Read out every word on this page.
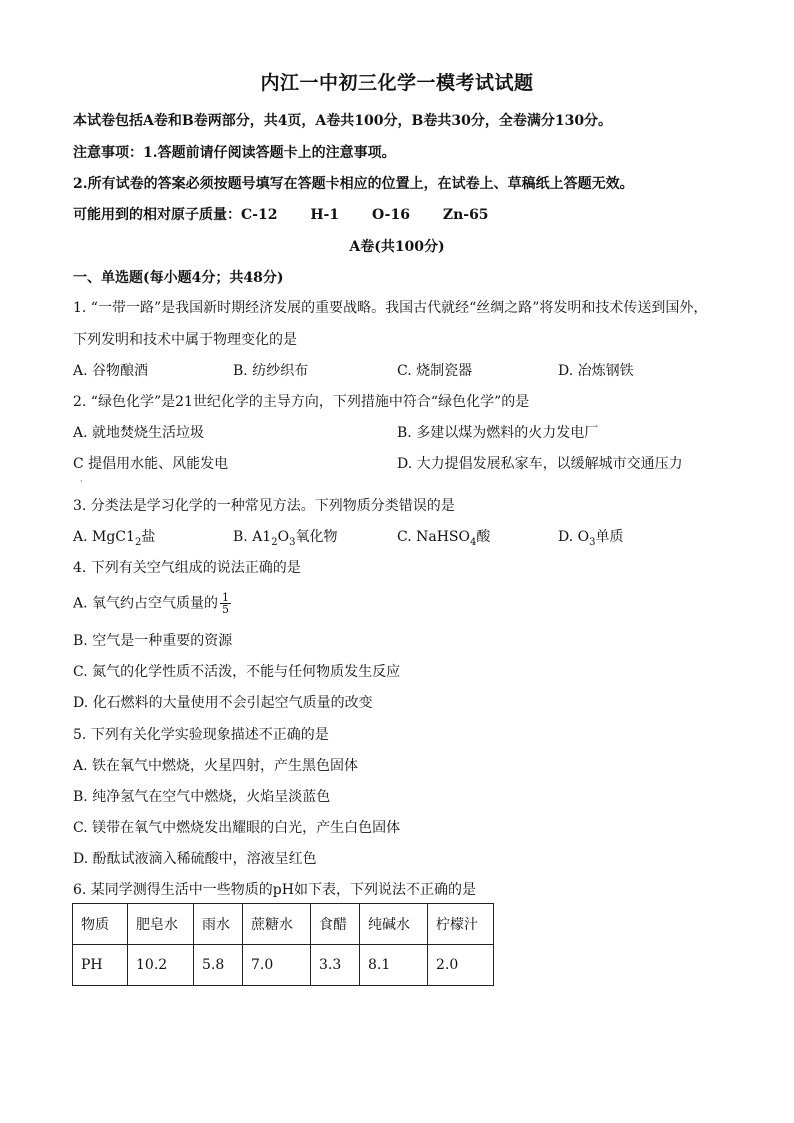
内江一中初三化学一模考试试题
本试卷包括A卷和B卷两部分，共4页，A卷共100分，B卷共30分，全卷满分130分。
注意事项：1.答题前请仔阅读答题卡上的注意事项。
2.所有试卷的答案必须按题号填写在答题卡相应的位置上，在试卷上、草稿纸上答题无效。
可能用到的相对原子质量：C-12 H-1 O-16 Zn-65
A卷(共100分)
一、单选题(每小题4分；共48分)
1. “一带一路”是我国新时期经济发展的重要战略。我国古代就经“丝绸之路”将发明和技术传送到国外，
下列发明和技术中属于物理变化的是
A. 谷物酿酒	B. 纺纱织布	C. 烧制瓷器	D. 冶炼钢铁
2. “绿色化学”是21世纪化学的主导方向，下列措施中符合“绿色化学”的是
A. 就地焚烧生活垃圾	B. 多建以煤为燃料的火力发电厂
C 提倡用水能、风能发电	D. 大力提倡发展私家车，以缓解城市交通压力
·
3. 分类法是学习化学的一种常见方法。下列物质分类错误的是
A. $MgC1_2$盐	B. $A1_2O_3$氧化物	C. NaHSO$_4$酸	D. $O_3$单质
4. 下列有关空气组成的说法正确的是
A. 氧气约占空气质量的 $\frac{1}{5}$
B. 空气是一种重要的资源
C. 氮气的化学性质不活泼，不能与任何物质发生反应
D. 化石燃料的大量使用不会引起空气质量的改变
5. 下列有关化学实验现象描述不正确的是
A. 铁在氧气中燃烧，火星四射，产生黑色固体
B. 纯净氢气在空气中燃烧，火焰呈淡蓝色
C. 镁带在氧气中燃烧发出耀眼的白光，产生白色固体
D. 酚酞试液滴入稀硫酸中，溶液呈红色
6. 某同学测得生活中一些物质的pH如下表，下列说法不正确的是
物质	肥皂水	雨水	蔗糖水	食醋	纯碱水	柠檬汁
PH	10.2	5.8	7.0	3.3	8.1	2.0
